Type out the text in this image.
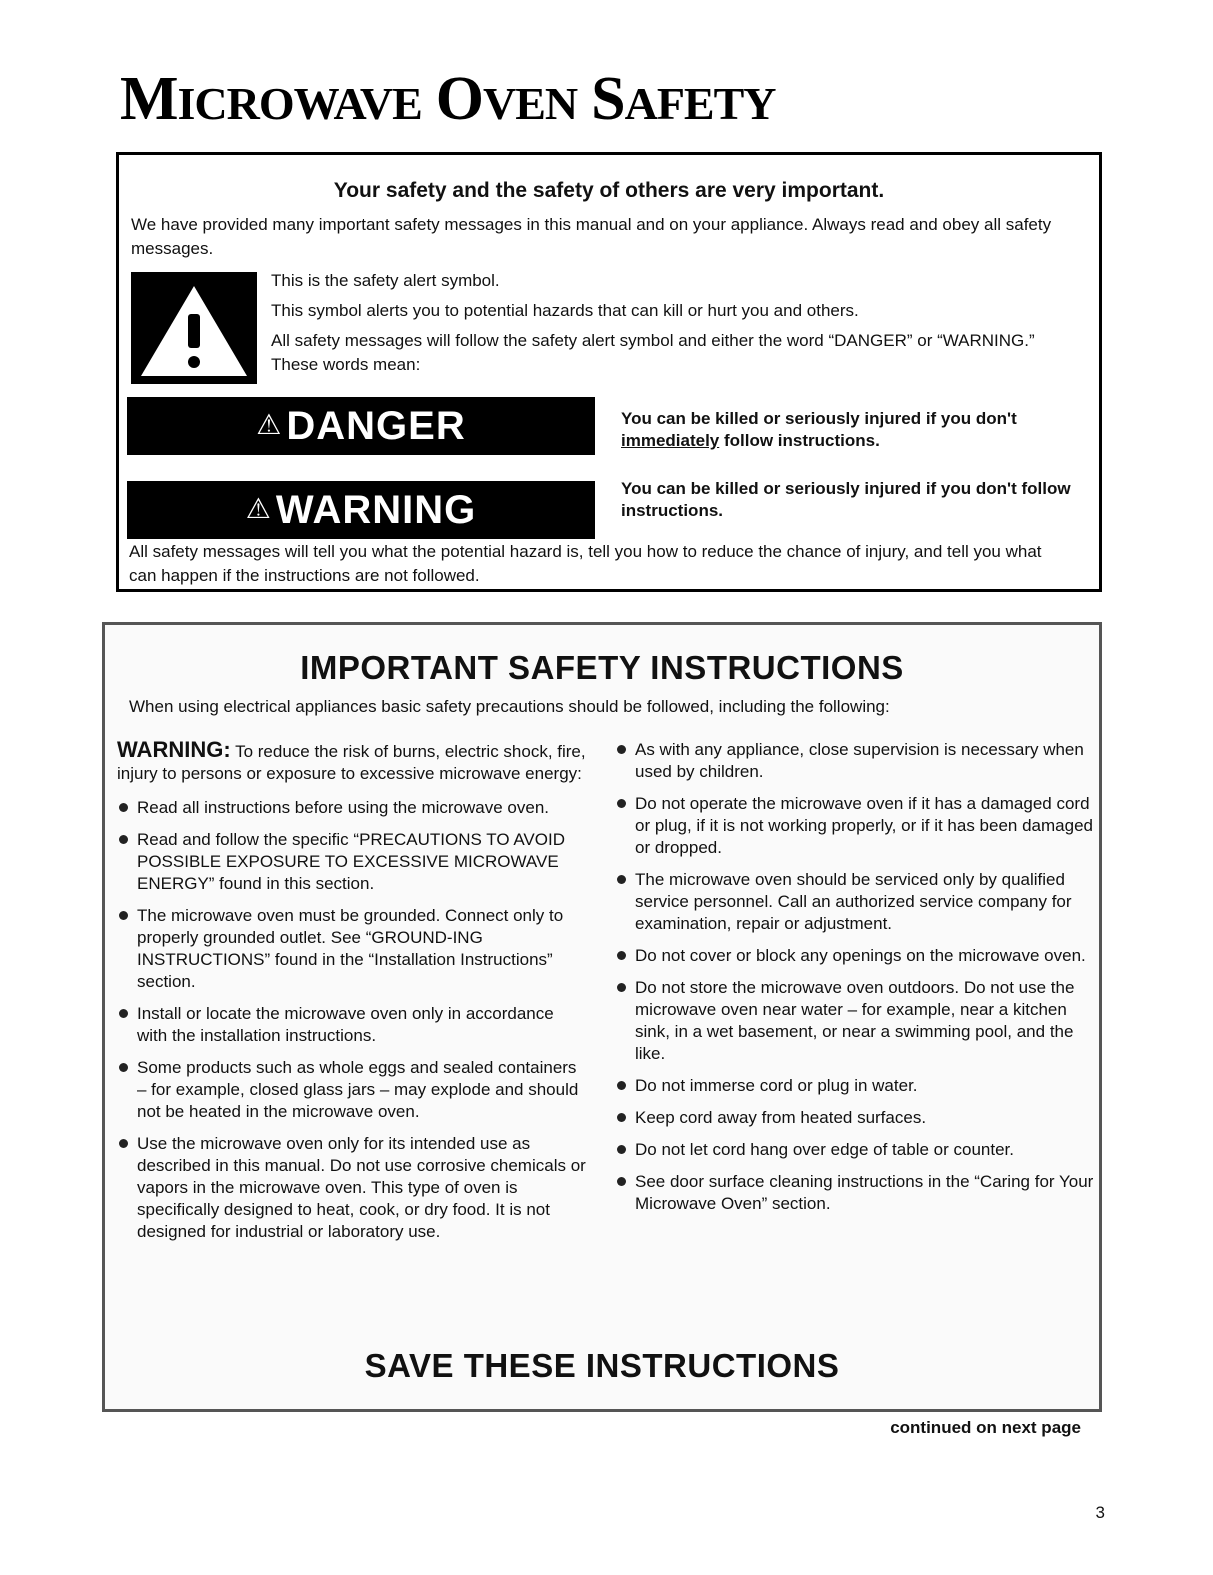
MICROWAVE OVEN SAFETY
Your safety and the safety of others are very important.

We have provided many important safety messages in this manual and on your appliance. Always read and obey all safety messages.

This is the safety alert symbol.

This symbol alerts you to potential hazards that can kill or hurt you and others.

All safety messages will follow the safety alert symbol and either the word “DANGER” or “WARNING.” These words mean:

⚠ DANGER	You can be killed or seriously injured if you don't immediately follow instructions.

⚠ WARNING	You can be killed or seriously injured if you don't follow instructions.

All safety messages will tell you what the potential hazard is, tell you how to reduce the chance of injury, and tell you what can happen if the instructions are not followed.

IMPORTANT SAFETY INSTRUCTIONS

When using electrical appliances basic safety precautions should be followed, including the following:

WARNING: To reduce the risk of burns, electric shock, fire, injury to persons or exposure to excessive microwave energy:

Read all instructions before using the microwave oven.
Read and follow the specific “PRECAUTIONS TO AVOID POSSIBLE EXPOSURE TO EXCESSIVE MICROWAVE ENERGY” found in this section.
The microwave oven must be grounded. Connect only to properly grounded outlet. See “GROUND-ING INSTRUCTIONS” found in the “Installation Instructions” section.
Install or locate the microwave oven only in accordance with the installation instructions.
Some products such as whole eggs and sealed containers – for example, closed glass jars – may explode and should not be heated in the microwave oven.
Use the microwave oven only for its intended use as described in this manual. Do not use corrosive chemicals or vapors in the microwave oven. This type of oven is specifically designed to heat, cook, or dry food. It is not designed for industrial or laboratory use.
As with any appliance, close supervision is necessary when used by children.
Do not operate the microwave oven if it has a damaged cord or plug, if it is not working properly, or if it has been damaged or dropped.
The microwave oven should be serviced only by qualified service personnel. Call an authorized service company for examination, repair or adjustment.
Do not cover or block any openings on the microwave oven.
Do not store the microwave oven outdoors. Do not use the microwave oven near water – for example, near a kitchen sink, in a wet basement, or near a swimming pool, and the like.
Do not immerse cord or plug in water.
Keep cord away from heated surfaces.
Do not let cord hang over edge of table or counter.
See door surface cleaning instructions in the “Caring for Your Microwave Oven” section.
SAVE THESE INSTRUCTIONS

continued on next page

3
